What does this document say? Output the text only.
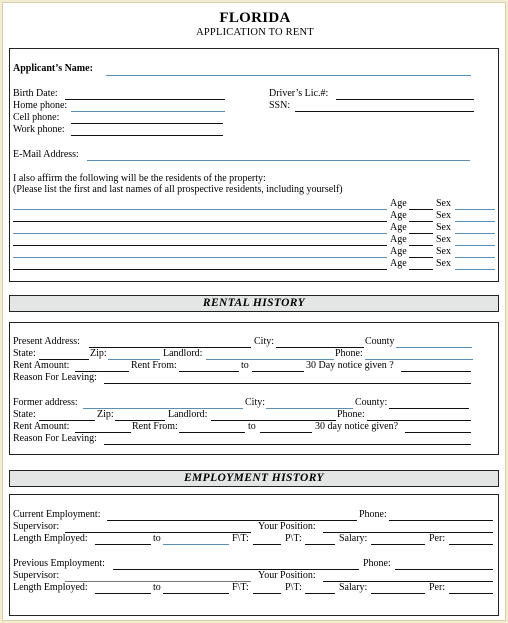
FLORIDA
APPLICATION TO RENT
Applicant’s Name:
Birth Date:	Driver’s Lic.#:
Home phone:	SSN:
Cell phone:
Work phone:
E-Mail Address:
I also affirm the following will be the residents of the property:
(Please list the first and last names of all prospective residents, including yourself)
Age	Sex
Age	Sex
Age	Sex
Age	Sex
Age	Sex
Age	Sex
RENTAL HISTORY
Present Address:	City:	County
State:	Zip:	Landlord:	Phone:
Rent Amount:	Rent From:	to	30 Day notice given ?
Reason For Leaving:
Former address:	City:	County:
State:	Zip:	Landlord:	Phone:
Rent Amount:	Rent From:	to	30 day notice given?
Reason For Leaving:
EMPLOYMENT HISTORY
Current Employment:	Phone:
Supervisor:	Your Position:
Length Employed:	to	F\T:	P\T:	Salary:	Per:
Previous Employment:	Phone:
Supervisor:	Your Position:
Length Employed:	to	F\T:	P\T:	Salary:	Per:
